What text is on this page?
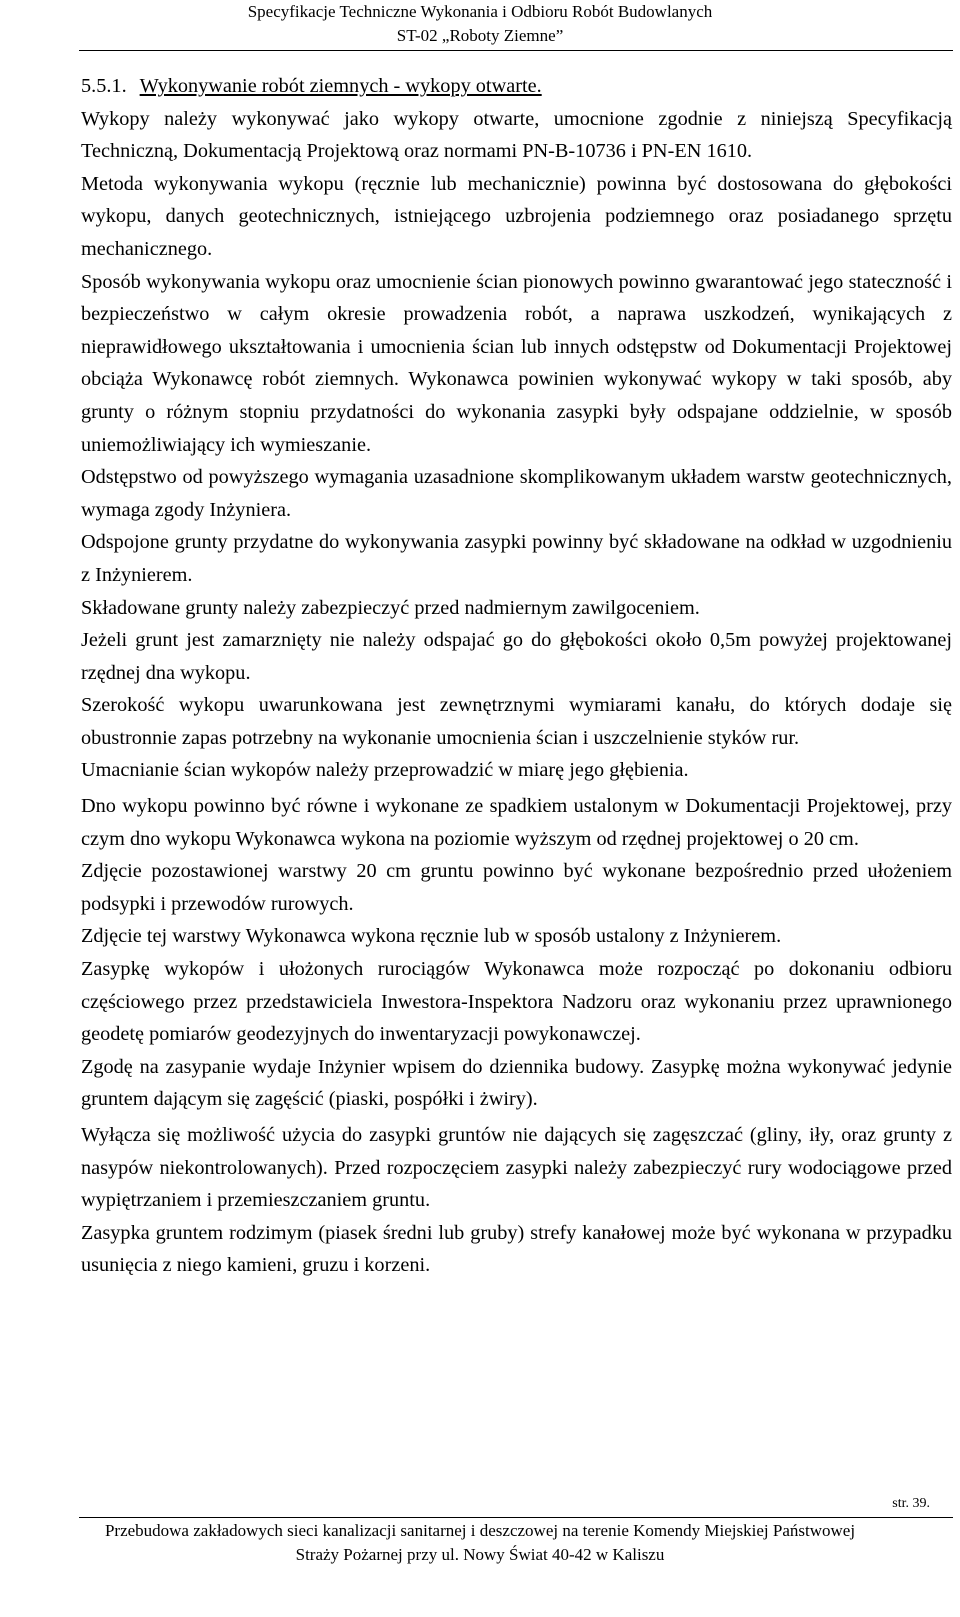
Specyfikacje Techniczne Wykonania i Odbioru Robót Budowlanych
ST-02 „Roboty Ziemne”
5.5.1. Wykonywanie robót ziemnych - wykopy otwarte.

Wykopy należy wykonywać jako wykopy otwarte, umocnione zgodnie z niniejszą Specyfikacją Techniczną, Dokumentacją Projektową oraz normami PN-B-10736 i PN-EN 1610.

Metoda wykonywania wykopu (ręcznie lub mechanicznie) powinna być dostosowana do głębokości wykopu, danych geotechnicznych, istniejącego uzbrojenia podziemnego oraz posiadanego sprzętu mechanicznego.

Sposób wykonywania wykopu oraz umocnienie ścian pionowych powinno gwarantować jego stateczność i bezpieczeństwo w całym okresie prowadzenia robót, a naprawa uszkodzeń, wynikających z nieprawidłowego ukształtowania i umocnienia ścian lub innych odstępstw od Dokumentacji Projektowej obciąża Wykonawcę robót ziemnych. Wykonawca powinien wykonywać wykopy w taki sposób, aby grunty o różnym stopniu przydatności do wykonania zasypki były odspajane oddzielnie, w sposób uniemożliwiający ich wymieszanie.

Odstępstwo od powyższego wymagania uzasadnione skomplikowanym układem warstw geotechnicznych, wymaga zgody Inżyniera.

Odspojone grunty przydatne do wykonywania zasypki powinny być składowane na odkład w uzgodnieniu z Inżynierem.

Składowane grunty należy zabezpieczyć przed nadmiernym zawilgoceniem.

Jeżeli grunt jest zamarznięty nie należy odspajać go do głębokości około 0,5m powyżej projektowanej rzędnej dna wykopu.

Szerokość wykopu uwarunkowana jest zewnętrznymi wymiarami kanału, do których dodaje się obustronnie zapas potrzebny na wykonanie umocnienia ścian i uszczelnienie styków rur.

Umacnianie ścian wykopów należy przeprowadzić w miarę jego głębienia.

Dno wykopu powinno być równe i wykonane ze spadkiem ustalonym w Dokumentacji Projektowej, przy czym dno wykopu Wykonawca wykona na poziomie wyższym od rzędnej projektowej o 20 cm.

Zdjęcie pozostawionej warstwy 20 cm gruntu powinno być wykonane bezpośrednio przed ułożeniem podsypki i przewodów rurowych.

Zdjęcie tej warstwy Wykonawca wykona ręcznie lub w sposób ustalony z Inżynierem.

Zasypkę wykopów i ułożonych rurociągów Wykonawca może rozpocząć po dokonaniu odbioru częściowego przez przedstawiciela Inwestora-Inspektora Nadzoru oraz wykonaniu przez uprawnionego geodetę pomiarów geodezyjnych do inwentaryzacji powykonawczej.

Zgodę na zasypanie wydaje Inżynier wpisem do dziennika budowy. Zasypkę można wykonywać jedynie gruntem dającym się zagęścić (piaski, pospółki i żwiry).

Wyłącza się możliwość użycia do zasypki gruntów nie dających się zagęszczać (gliny, iły, oraz grunty z nasypów niekontrolowanych). Przed rozpoczęciem zasypki należy zabezpieczyć rury wodociągowe przed wypiętrzaniem i przemieszczaniem gruntu.

Zasypka gruntem rodzimym (piasek średni lub gruby) strefy kanałowej może być wykonana w przypadku usunięcia z niego kamieni, gruzu i korzeni.

str. 39.
Przebudowa zakładowych sieci kanalizacji sanitarnej i deszczowej na terenie Komendy Miejskiej Państwowej
Straży Pożarnej przy ul. Nowy Świat 40-42 w Kaliszu
